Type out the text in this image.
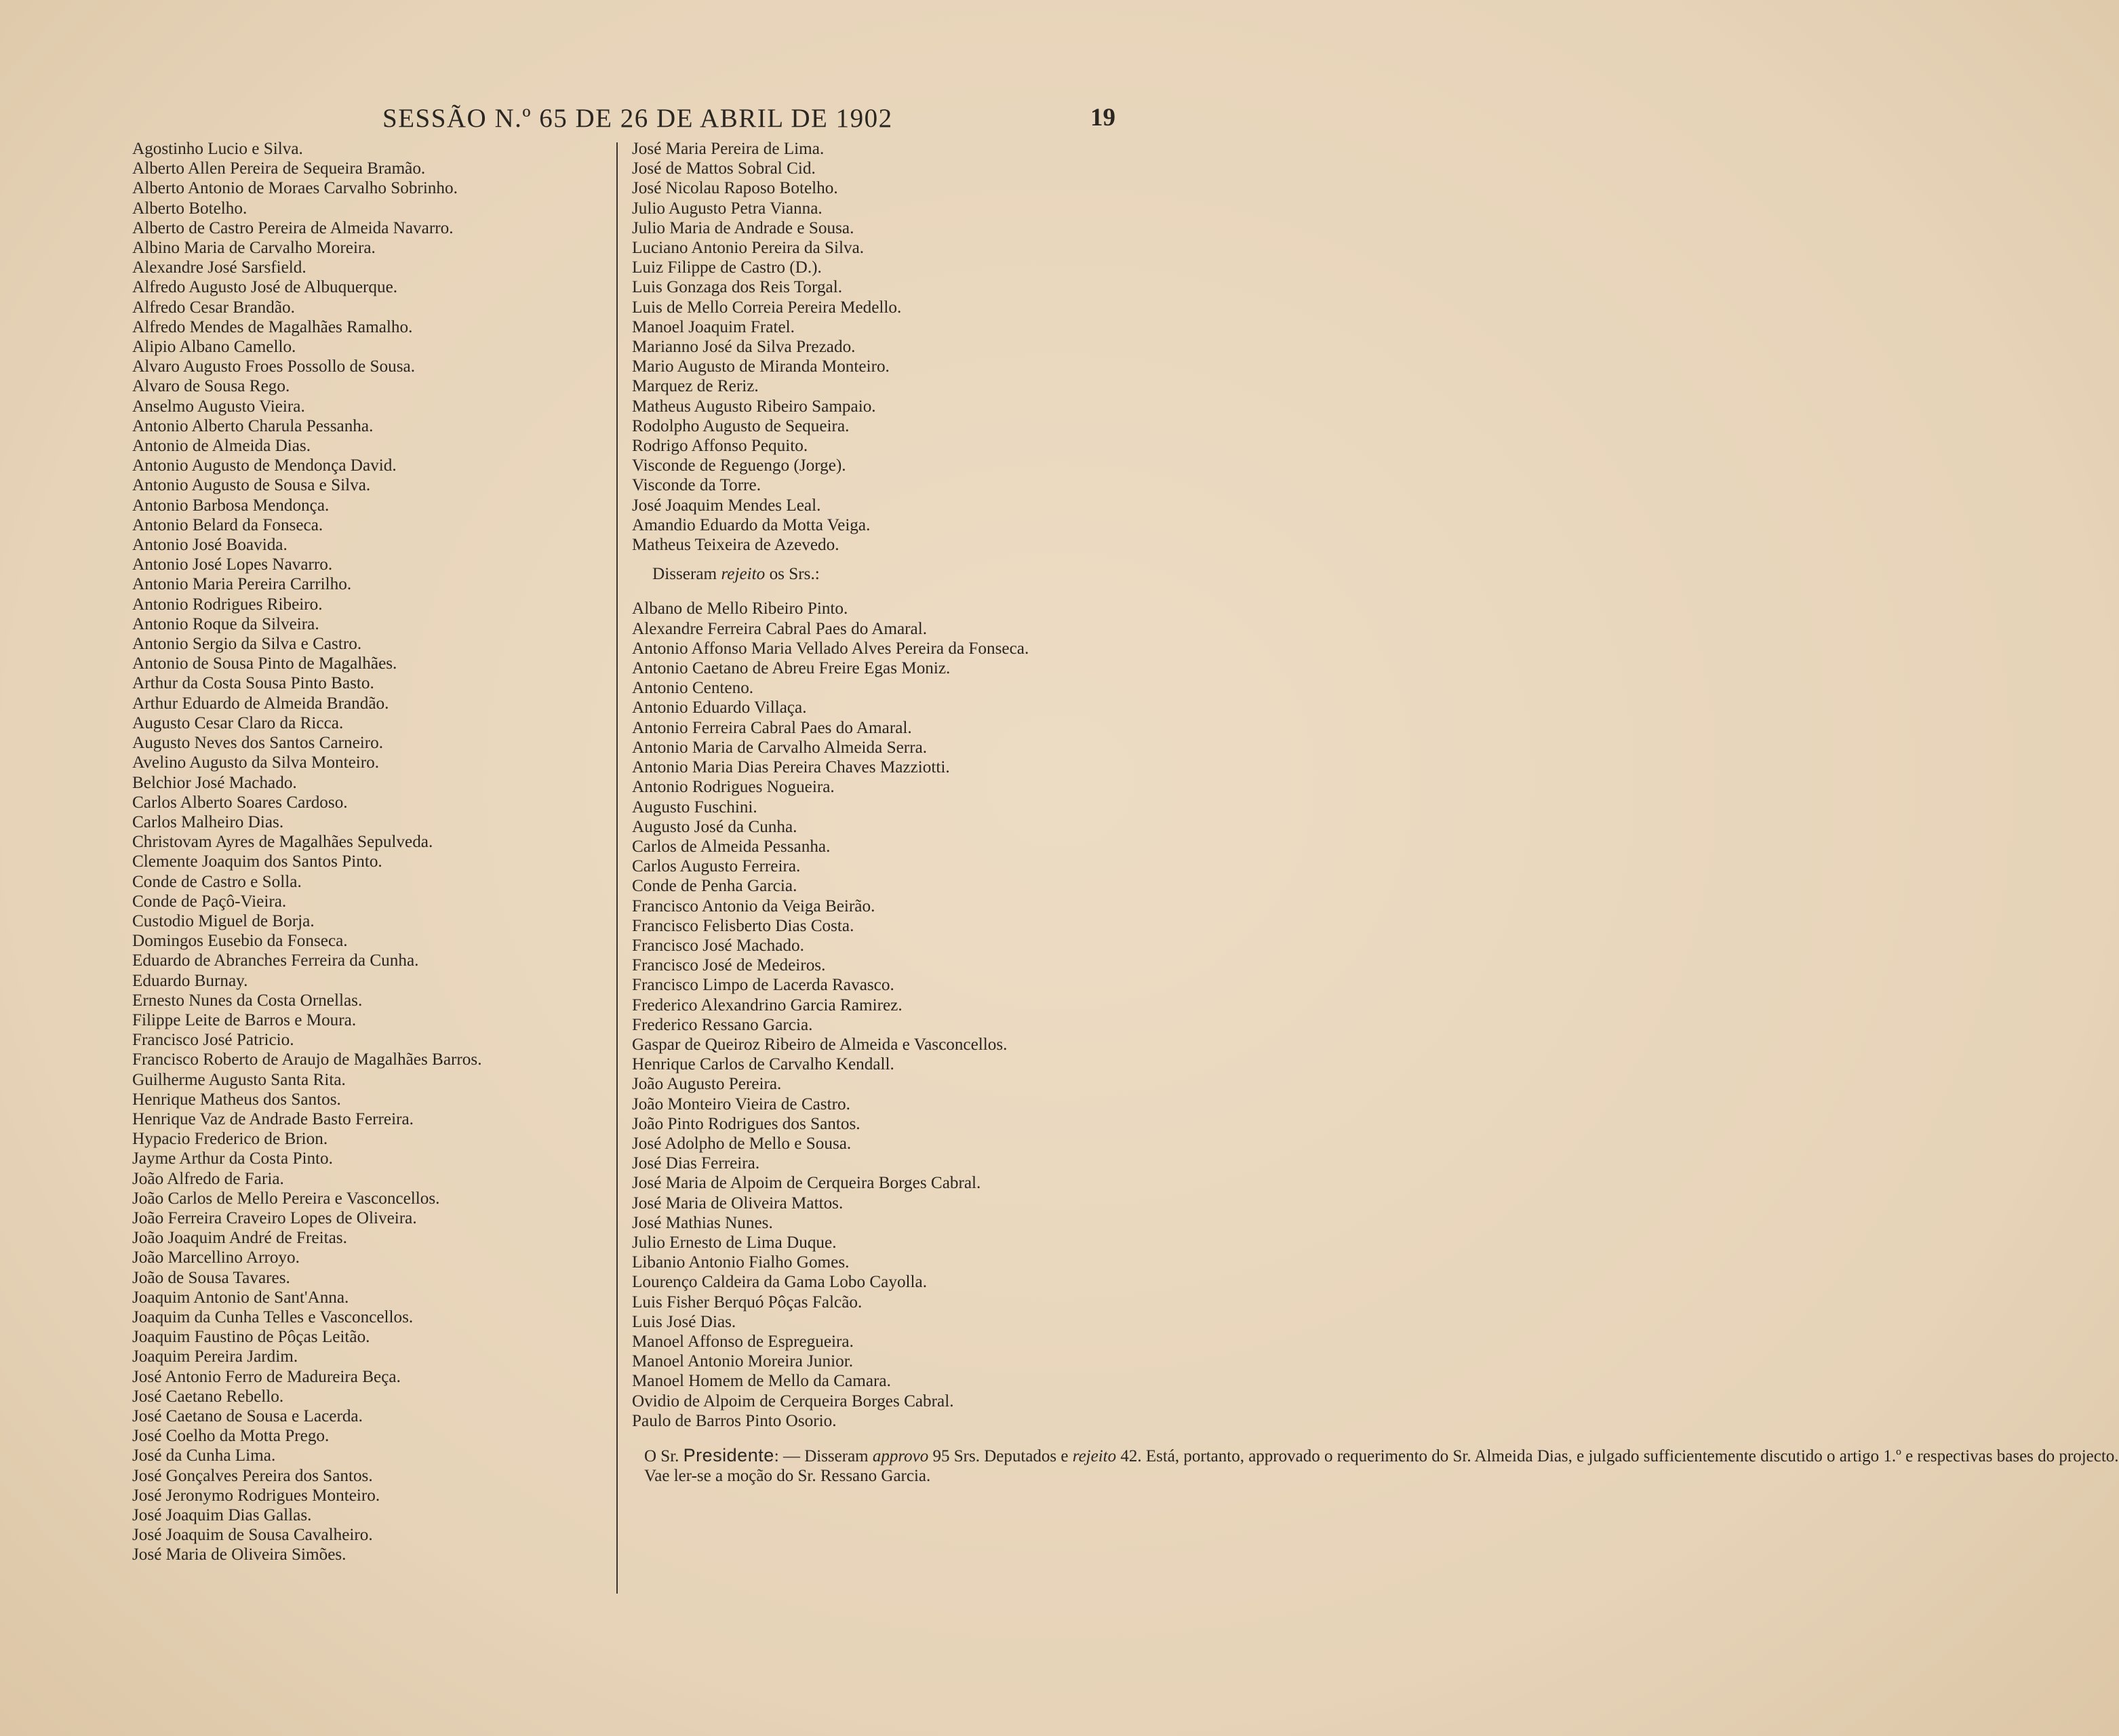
SESSÃO N.º 65 DE 26 DE ABRIL DE 1902	19
Agostinho Lucio e Silva.
Alberto Allen Pereira de Sequeira Bramão.
Alberto Antonio de Moraes Carvalho Sobrinho.
Alberto Botelho.
Alberto de Castro Pereira de Almeida Navarro.
Albino Maria de Carvalho Moreira.
Alexandre José Sarsfield.
Alfredo Augusto José de Albuquerque.
Alfredo Cesar Brandão.
Alfredo Mendes de Magalhães Ramalho.
Alipio Albano Camello.
Alvaro Augusto Froes Possollo de Sousa.
Alvaro de Sousa Rego.
Anselmo Augusto Vieira.
Antonio Alberto Charula Pessanha.
Antonio de Almeida Dias.
Antonio Augusto de Mendonça David.
Antonio Augusto de Sousa e Silva.
Antonio Barbosa Mendonça.
Antonio Belard da Fonseca.
Antonio José Boavida.
Antonio José Lopes Navarro.
Antonio Maria Pereira Carrilho.
Antonio Rodrigues Ribeiro.
Antonio Roque da Silveira.
Antonio Sergio da Silva e Castro.
Antonio de Sousa Pinto de Magalhães.
Arthur da Costa Sousa Pinto Basto.
Arthur Eduardo de Almeida Brandão.
Augusto Cesar Claro da Ricca.
Augusto Neves dos Santos Carneiro.
Avelino Augusto da Silva Monteiro.
Belchior José Machado.
Carlos Alberto Soares Cardoso.
Carlos Malheiro Dias.
Christovam Ayres de Magalhães Sepulveda.
Clemente Joaquim dos Santos Pinto.
Conde de Castro e Solla.
Conde de Paçô-Vieira.
Custodio Miguel de Borja.
Domingos Eusebio da Fonseca.
Eduardo de Abranches Ferreira da Cunha.
Eduardo Burnay.
Ernesto Nunes da Costa Ornellas.
Filippe Leite de Barros e Moura.
Francisco José Patricio.
Francisco Roberto de Araujo de Magalhães Barros.
Guilherme Augusto Santa Rita.
Henrique Matheus dos Santos.
Henrique Vaz de Andrade Basto Ferreira.
Hypacio Frederico de Brion.
Jayme Arthur da Costa Pinto.
João Alfredo de Faria.
João Carlos de Mello Pereira e Vasconcellos.
João Ferreira Craveiro Lopes de Oliveira.
João Joaquim André de Freitas.
João Marcellino Arroyo.
João de Sousa Tavares.
Joaquim Antonio de Sant'Anna.
Joaquim da Cunha Telles e Vasconcellos.
Joaquim Faustino de Pôças Leitão.
Joaquim Pereira Jardim.
José Antonio Ferro de Madureira Beça.
José Caetano Rebello.
José Caetano de Sousa e Lacerda.
José Coelho da Motta Prego.
José da Cunha Lima.
José Gonçalves Pereira dos Santos.
José Jeronymo Rodrigues Monteiro.
José Joaquim Dias Gallas.
José Joaquim de Sousa Cavalheiro.
José Maria de Oliveira Simões.
José Maria Pereira de Lima.
José de Mattos Sobral Cid.
José Nicolau Raposo Botelho.
Julio Augusto Petra Vianna.
Julio Maria de Andrade e Sousa.
Luciano Antonio Pereira da Silva.
Luiz Filippe de Castro (D.).
Luis Gonzaga dos Reis Torgal.
Luis de Mello Correia Pereira Medello.
Manoel Joaquim Fratel.
Marianno José da Silva Prezado.
Mario Augusto de Miranda Monteiro.
Marquez de Reriz.
Matheus Augusto Ribeiro Sampaio.
Rodolpho Augusto de Sequeira.
Rodrigo Affonso Pequito.
Visconde de Reguengo (Jorge).
Visconde da Torre.
José Joaquim Mendes Leal.
Amandio Eduardo da Motta Veiga.
Matheus Teixeira de Azevedo.
Disseram rejeito os Srs.:
Albano de Mello Ribeiro Pinto.
Alexandre Ferreira Cabral Paes do Amaral.
Antonio Affonso Maria Vellado Alves Pereira da Fonseca.
Antonio Caetano de Abreu Freire Egas Moniz.
Antonio Centeno.
Antonio Eduardo Villaça.
Antonio Ferreira Cabral Paes do Amaral.
Antonio Maria de Carvalho Almeida Serra.
Antonio Maria Dias Pereira Chaves Mazziotti.
Antonio Rodrigues Nogueira.
Augusto Fuschini.
Augusto José da Cunha.
Carlos de Almeida Pessanha.
Carlos Augusto Ferreira.
Conde de Penha Garcia.
Francisco Antonio da Veiga Beirão.
Francisco Felisberto Dias Costa.
Francisco José Machado.
Francisco José de Medeiros.
Francisco Limpo de Lacerda Ravasco.
Frederico Alexandrino Garcia Ramirez.
Frederico Ressano Garcia.
Gaspar de Queiroz Ribeiro de Almeida e Vasconcellos.
Henrique Carlos de Carvalho Kendall.
João Augusto Pereira.
João Monteiro Vieira de Castro.
João Pinto Rodrigues dos Santos.
José Adolpho de Mello e Sousa.
José Dias Ferreira.
José Maria de Alpoim de Cerqueira Borges Cabral.
José Maria de Oliveira Mattos.
José Mathias Nunes.
Julio Ernesto de Lima Duque.
Libanio Antonio Fialho Gomes.
Lourenço Caldeira da Gama Lobo Cayolla.
Luis Fisher Berquó Pôças Falcão.
Luis José Dias.
Manoel Affonso de Espregueira.
Manoel Antonio Moreira Junior.
Manoel Homem de Mello da Camara.
Ovidio de Alpoim de Cerqueira Borges Cabral.
Paulo de Barros Pinto Osorio.

O Sr. Presidente: — Disseram approvo 95 Srs. Deputados e rejeito 42. Está, portanto, approvado o requerimento do Sr. Almeida Dias, e julgado sufficientemente discutido o artigo 1.º e respectivas bases do projecto.

Vae ler-se a moção do Sr. Ressano Garcia.
